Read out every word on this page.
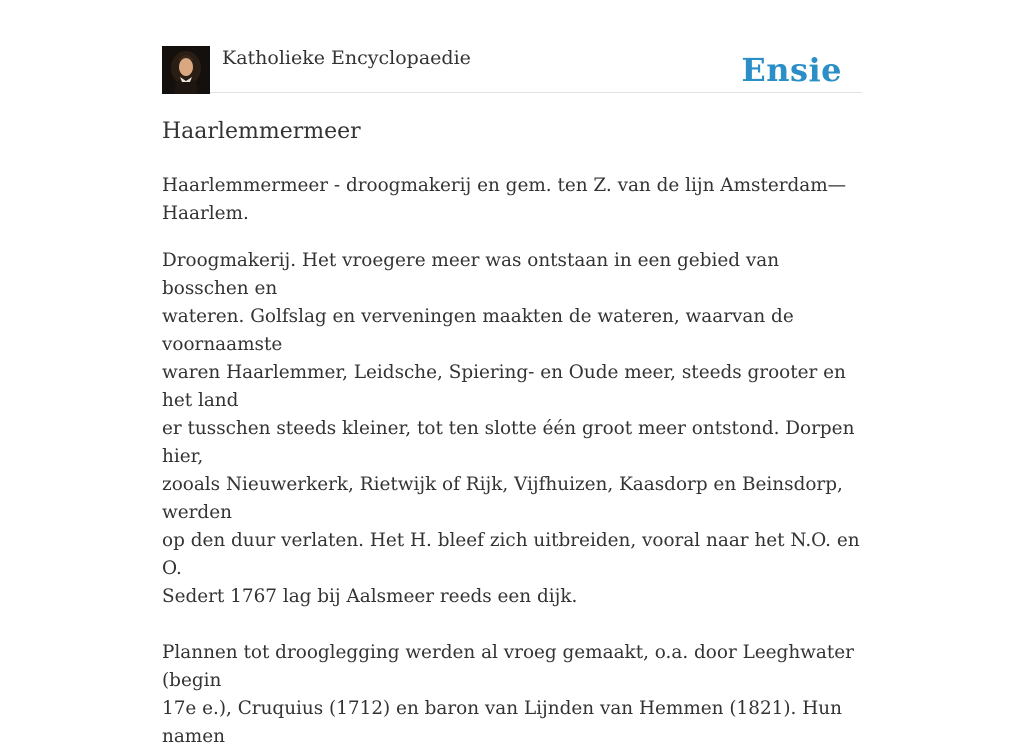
Katholieke Encyclopaedie	Ensie
Haarlemmermeer

Haarlemmermeer - droogmakerij en gem. ten Z. van de lijn Amsterdam—
Haarlem.

Droogmakerij. Het vroegere meer was ontstaan in een gebied van bosschen en
wateren. Golfslag en verveningen maakten de wateren, waarvan de voornaamste
waren Haarlemmer, Leidsche, Spiering- en Oude meer, steeds grooter en het land
er tusschen steeds kleiner, tot ten slotte één groot meer ontstond. Dorpen hier,
zooals Nieuwerkerk, Rietwijk of Rijk, Vijfhuizen, Kaasdorp en Beinsdorp, werden
op den duur verlaten. Het H. bleef zich uitbreiden, vooral naar het N.O. en O.
Sedert 1767 lag bij Aalsmeer reeds een dijk.

Plannen tot drooglegging werden al vroeg gemaakt, o.a. door Leeghwater (begin
17e e.), Cruquius (1712) en baron van Lijnden van Hemmen (1821). Hun namen
